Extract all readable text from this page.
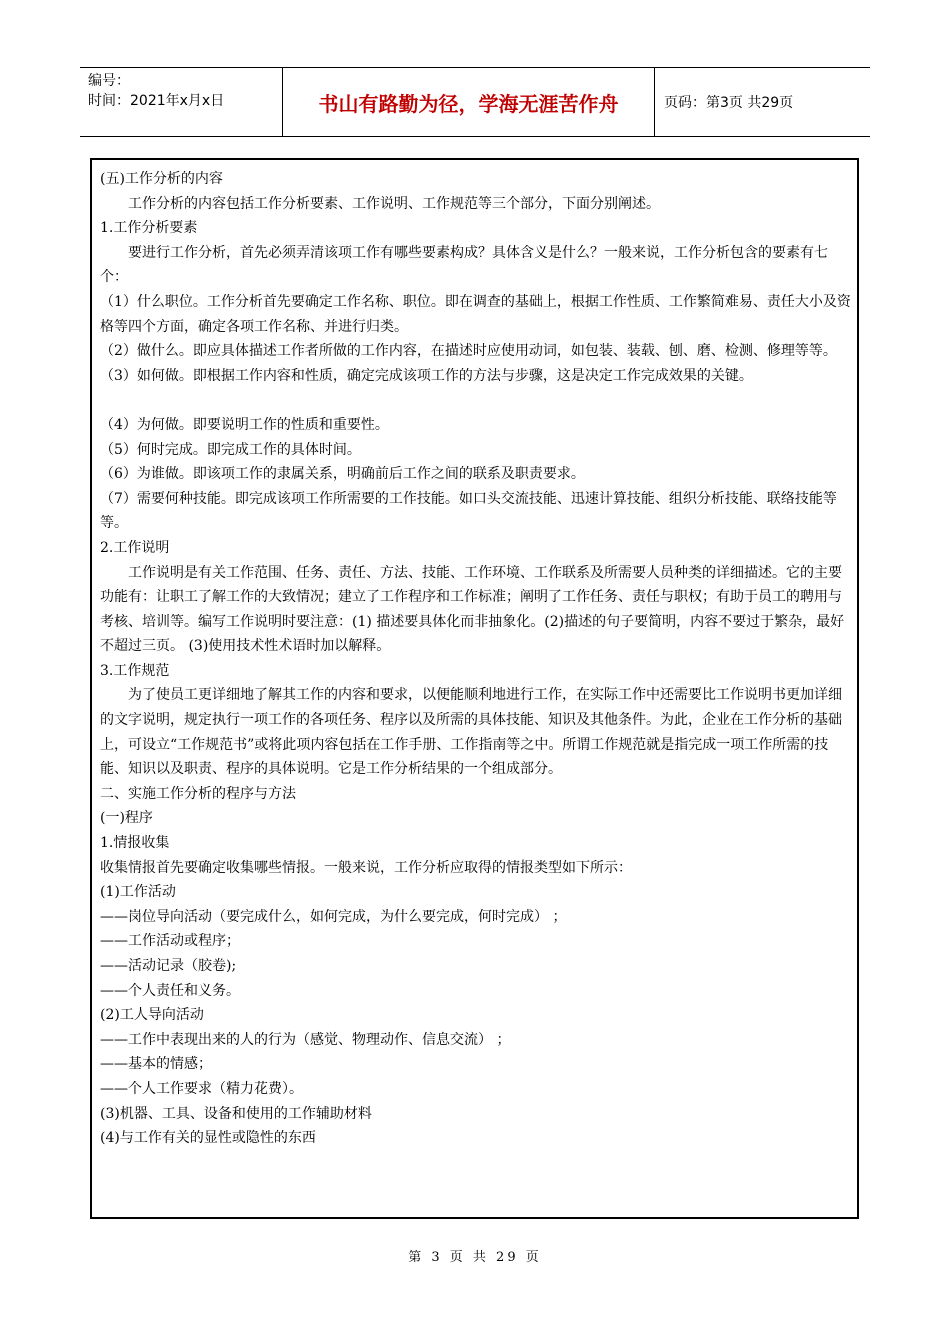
编号：
时间：2021年x月x日	书山有路勤为径，学海无涯苦作舟	页码：第3页 共29页

(五)工作分析的内容

工作分析的内容包括工作分析要素、工作说明、工作规范等三个部分，下面分别阐述。

1.工作分析要素

要进行工作分析，首先必须弄清该项工作有哪些要素构成？具体含义是什么？一般来说，工作分析包含的要素有七个：

（1）什么职位。工作分析首先要确定工作名称、职位。即在调查的基础上，根据工作性质、工作繁简难易、责任大小及资格等四个方面，确定各项工作名称、并进行归类。

（2）做什么。即应具体描述工作者所做的工作内容，在描述时应使用动词，如包装、装载、刨、磨、检测、修理等等。

（3）如何做。即根据工作内容和性质，确定完成该项工作的方法与步骤，这是决定工作完成效果的关键。

（4）为何做。即要说明工作的性质和重要性。

（5）何时完成。即完成工作的具体时间。

（6）为谁做。即该项工作的隶属关系，明确前后工作之间的联系及职责要求。

（7）需要何种技能。即完成该项工作所需要的工作技能。如口头交流技能、迅速计算技能、组织分析技能、联络技能等等。

2.工作说明

工作说明是有关工作范围、任务、责任、方法、技能、工作环境、工作联系及所需要人员种类的详细描述。它的主要功能有：让职工了解工作的大致情况；建立了工作程序和工作标准；阐明了工作任务、责任与职权；有助于员工的聘用与考核、培训等。编写工作说明时要注意：(1) 描述要具体化而非抽象化。(2)描述的句子要简明，内容不要过于繁杂，最好不超过三页。 (3)使用技术性术语时加以解释。

3.工作规范

为了使员工更详细地了解其工作的内容和要求，以便能顺利地进行工作，在实际工作中还需要比工作说明书更加详细的文字说明，规定执行一项工作的各项任务、程序以及所需的具体技能、知识及其他条件。为此，企业在工作分析的基础上，可设立“工作规范书”或将此项内容包括在工作手册、工作指南等之中。所谓工作规范就是指完成一项工作所需的技能、知识以及职责、程序的具体说明。它是工作分析结果的一个组成部分。

二、实施工作分析的程序与方法

(一)程序

1.情报收集

收集情报首先要确定收集哪些情报。一般来说，工作分析应取得的情报类型如下所示：

(1)工作活动

——岗位导向活动（要完成什么，如何完成，为什么要完成，何时完成） ；

——工作活动或程序；

——活动记录（胶卷);

——个人责任和义务。

(2)工人导向活动

——工作中表现出来的人的行为（感觉、物理动作、信息交流） ；

——基本的情感；

——个人工作要求（精力花费）。

(3)机器、工具、设备和使用的工作辅助材料

(4)与工作有关的显性或隐性的东西

第 3 页 共 29 页
